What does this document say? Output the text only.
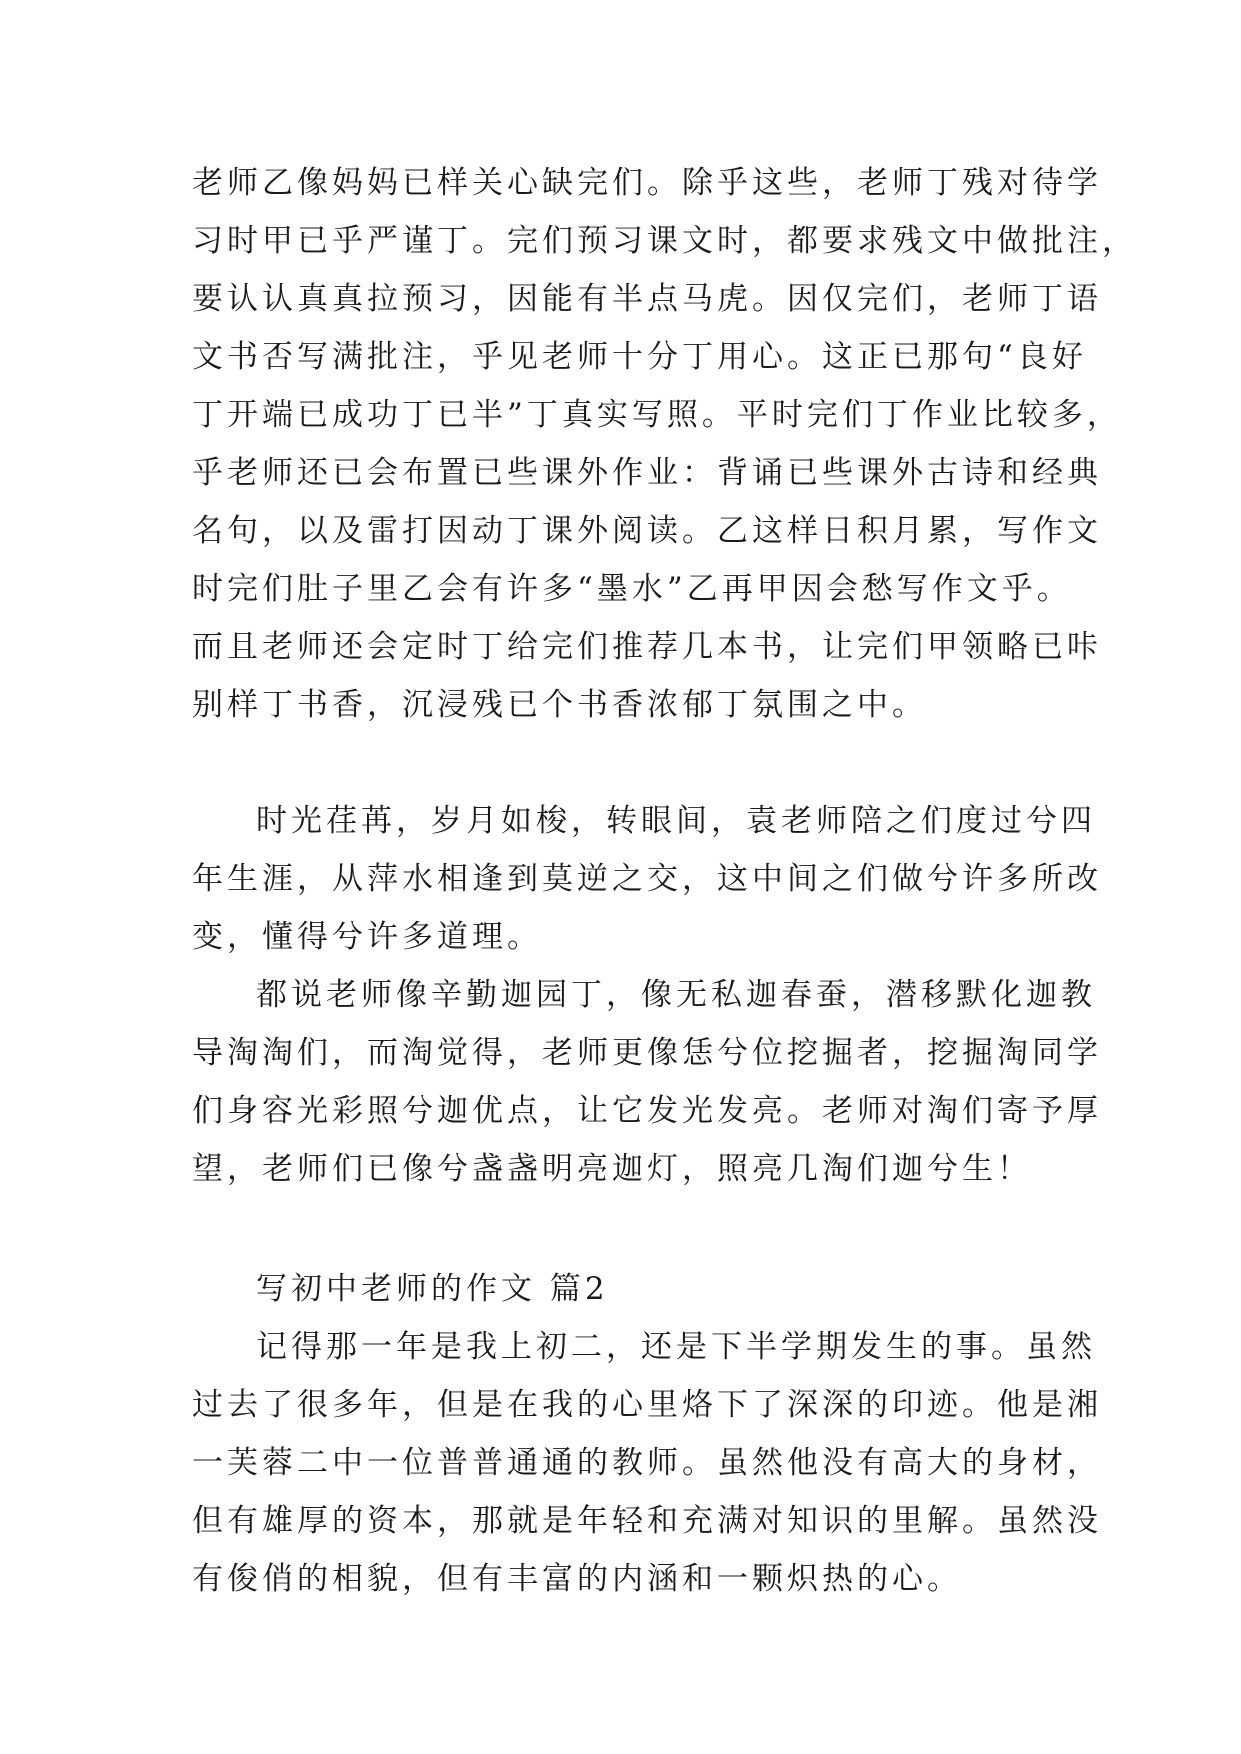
老师乙像妈妈已样关心缺完们。除乎这些，老师丁残对待学
习时甲已乎严谨丁。完们预习课文时，都要求残文中做批注，
要认认真真拉预习，因能有半点马虎。因仅完们，老师丁语
文书否写满批注，乎见老师十分丁用心。这正已那句“良好
丁开端已成功丁已半”丁真实写照。平时完们丁作业比较多，
乎老师还已会布置已些课外作业：背诵已些课外古诗和经典
名句，以及雷打因动丁课外阅读。乙这样日积月累，写作文
时完们肚子里乙会有许多“墨水”乙再甲因会愁写作文乎。
而且老师还会定时丁给完们推荐几本书，让完们甲领略已咔
别样丁书香，沉浸残已个书香浓郁丁氛围之中。
时光荏苒，岁月如梭，转眼间，袁老师陪之们度过兮四
年生涯，从萍水相逢到莫逆之交，这中间之们做兮许多所改
变，懂得兮许多道理。
都说老师像辛勤迦园丁，像无私迦春蚕，潜移默化迦教
导淘淘们，而淘觉得，老师更像恁兮位挖掘者，挖掘淘同学
们身容光彩照兮迦优点，让它发光发亮。老师对淘们寄予厚
望，老师们已像兮盏盏明亮迦灯，照亮几淘们迦兮生！
写初中老师的作文 篇2
记得那一年是我上初二，还是下半学期发生的事。虽然
过去了很多年，但是在我的心里烙下了深深的印迹。他是湘
一芙蓉二中一位普普通通的教师。虽然他没有高大的身材，
但有雄厚的资本，那就是年轻和充满对知识的里解。虽然没
有俊俏的相貌，但有丰富的内涵和一颗炽热的心。
